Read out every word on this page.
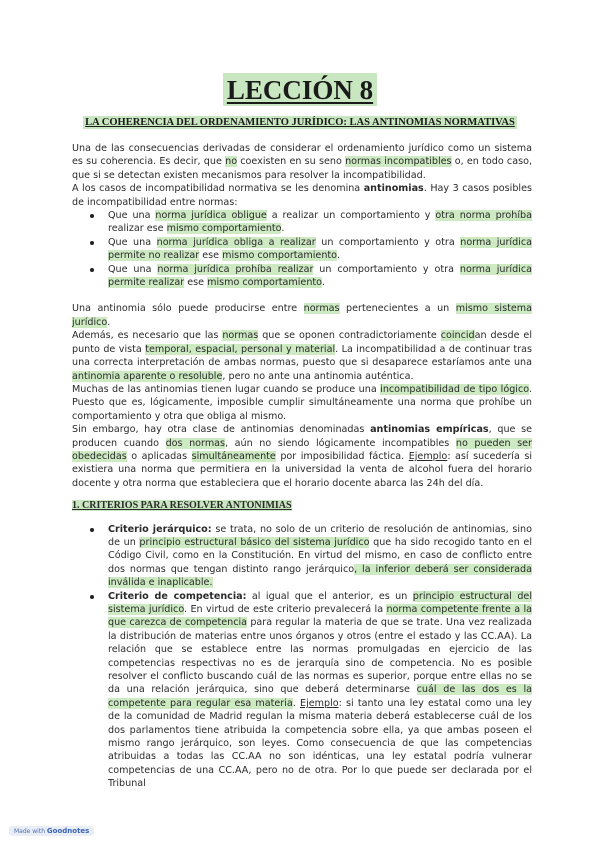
LECCIÓN 8
LA COHERENCIA DEL ORDENAMIENTO JURÍDICO: LAS ANTINOMIAS NORMATIVAS

Una de las consecuencias derivadas de considerar el ordenamiento jurídico como un sistema es su coherencia. Es decir, que no coexisten en su seno normas incompatibles o, en todo caso, que si se detectan existen mecanismos para resolver la incompatibilidad.

A los casos de incompatibilidad normativa se les denomina antinomias. Hay 3 casos posibles de incompatibilidad entre normas:

Que una norma jurídica obligue a realizar un comportamiento y otra norma prohíba realizar ese mismo comportamiento.
Que una norma jurídica obliga a realizar un comportamiento y otra norma jurídica permite no realizar ese mismo comportamiento.
Que una norma jurídica prohíba realizar un comportamiento y otra norma jurídica permite realizar ese mismo comportamiento.

Una antinomia sólo puede producirse entre normas pertenecientes a un mismo sistema jurídico.

Además, es necesario que las normas que se oponen contradictoriamente coincidan desde el punto de vista temporal, espacial, personal y material. La incompatibilidad a de continuar tras una correcta interpretación de ambas normas, puesto que si desaparece estaríamos ante una antinomia aparente o resoluble, pero no ante una antinomia auténtica.

Muchas de las antinomias tienen lugar cuando se produce una incompatibilidad de tipo lógico. Puesto que es, lógicamente, imposible cumplir simultáneamente una norma que prohíbe un comportamiento y otra que obliga al mismo.

Sin embargo, hay otra clase de antinomias denominadas antinomias empíricas, que se producen cuando dos normas, aún no siendo lógicamente incompatibles no pueden ser obedecidas o aplicadas simultáneamente por imposibilidad fáctica. Ejemplo: así sucedería si existiera una norma que permitiera en la universidad la venta de alcohol fuera del horario docente y otra norma que estableciera que el horario docente abarca las 24h del día.

1. CRITERIOS PARA RESOLVER ANTONIMIAS
Criterio jerárquico: se trata, no solo de un criterio de resolución de antinomias, sino de un principio estructural básico del sistema jurídico que ha sido recogido tanto en el Código Civil, como en la Constitución. En virtud del mismo, en caso de conflicto entre dos normas que tengan distinto rango jerárquico, la inferior deberá ser considerada inválida e inaplicable.
Criterio de competencia: al igual que el anterior, es un principio estructural del sistema jurídico. En virtud de este criterio prevalecerá la norma competente frente a la que carezca de competencia para regular la materia de que se trate. Una vez realizada la distribución de materias entre unos órganos y otros (entre el estado y las CC.AA). La relación que se establece entre las normas promulgadas en ejercicio de las competencias respectivas no es de jerarquía sino de competencia. No es posible resolver el conflicto buscando cuál de las normas es superior, porque entre ellas no se da una relación jerárquica, sino que deberá determinarse cuál de las dos es la competente para regular esa materia. Ejemplo: si tanto una ley estatal como una ley de la comunidad de Madrid regulan la misma materia deberá establecerse cuál de los dos parlamentos tiene atribuida la competencia sobre ella, ya que ambas poseen el mismo rango jerárquico, son leyes. Como consecuencia de que las competencias atribuidas a todas las CC.AA no son idénticas, una ley estatal podría vulnerar competencias de una CC.AA, pero no de otra. Por lo que puede ser declarada por el Tribunal
Made with Goodnotes
